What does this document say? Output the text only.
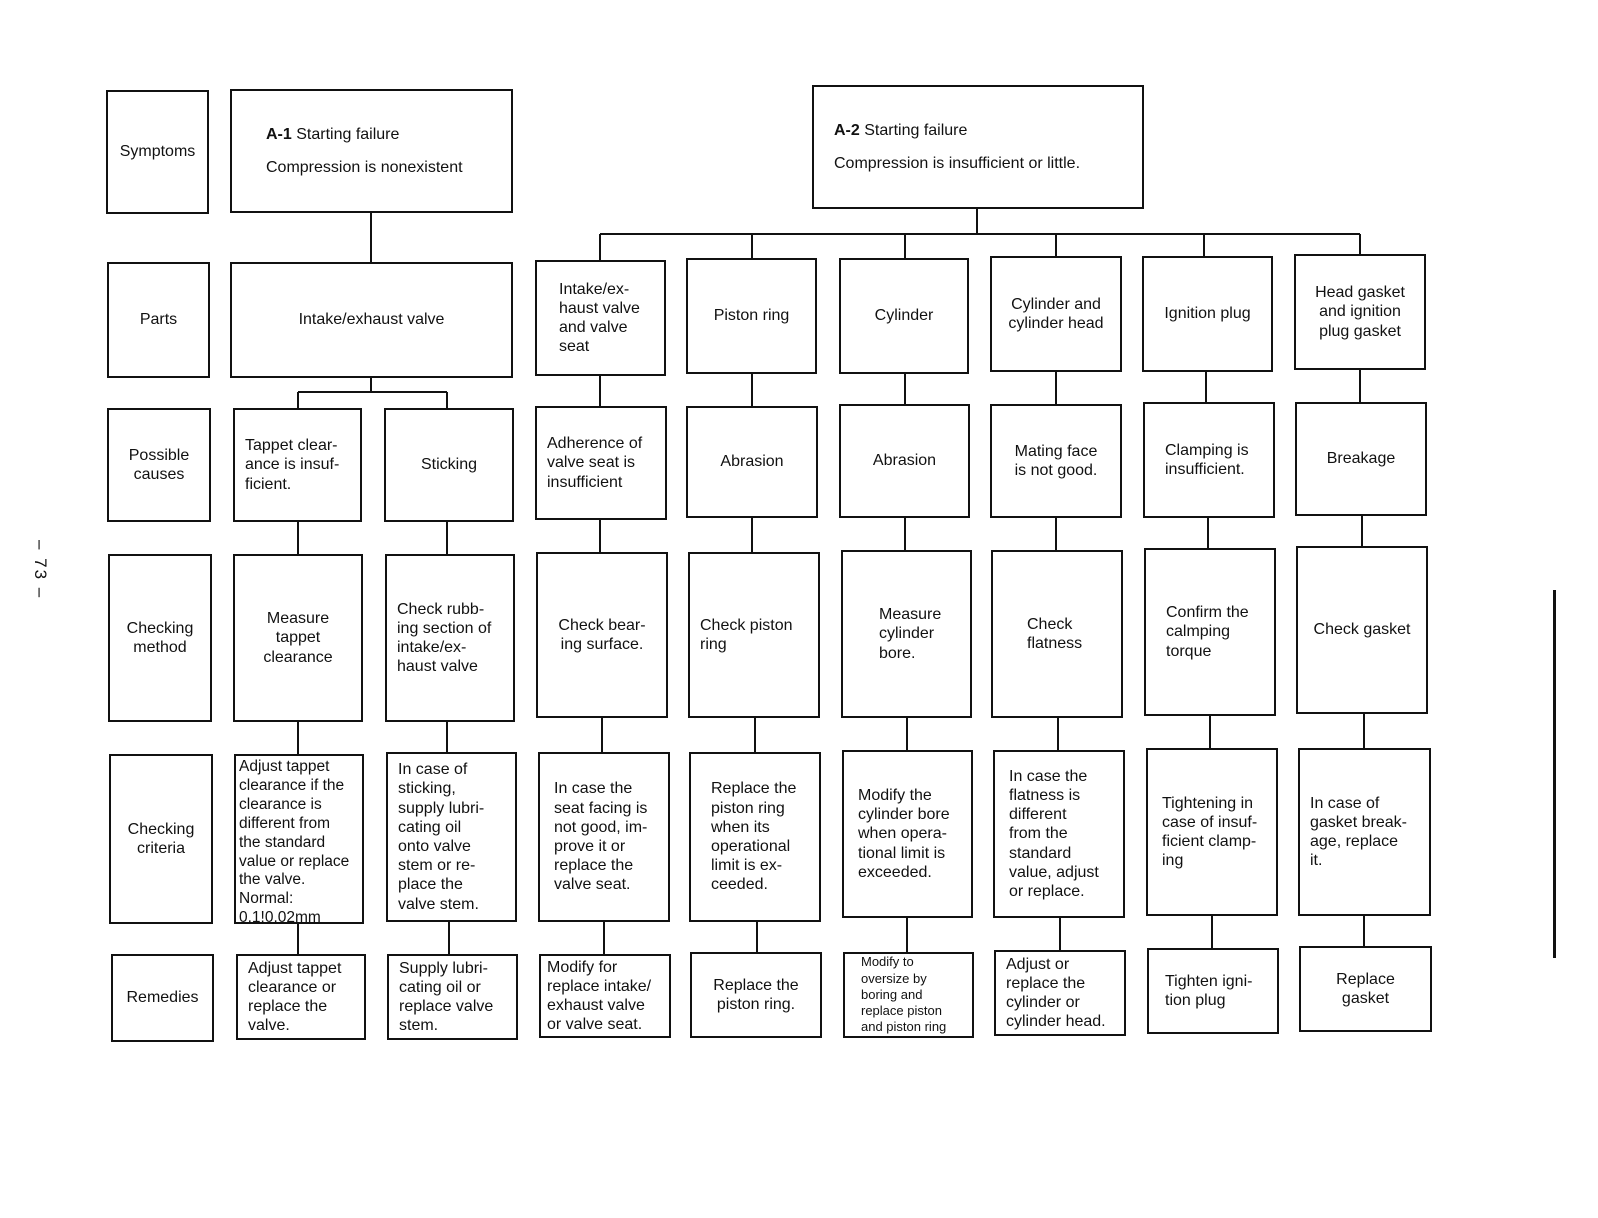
– 73 –
Symptoms
Parts
Possible
causes
Checking
method
Checking
criteria
Remedies
A-1 Starting failure
Compression is nonexistent
A-2 Starting failure
Compression is insufficient or little.
Intake/exhaust valve
Tappet clear-
ance is insuf-
ficient.
Measure
tappet
clearance
Adjust tappet
clearance if the
clearance is
different from
the standard
value or replace
the valve.
Normal:
0.1!0.02mm
Adjust tappet
clearance or
replace the
valve.
Sticking
Check rubb-
ing section of
intake/ex-
haust valve
In case of
sticking,
supply lubri-
cating oil
onto valve
stem or re-
place the
valve stem.
Supply lubri-
cating oil or
replace valve
stem.
Intake/ex-
haust valve
and valve
seat
Adherence of
valve seat is
insufficient
Check bear-
ing surface.
In case the
seat facing is
not good, im-
prove it or
replace the
valve seat.
Modify for
replace intake/
exhaust valve
or valve seat.
Piston ring
Abrasion
Check piston
ring
Replace the
piston ring
when its
operational
limit is ex-
ceeded.
Replace the
piston ring.
Cylinder
Abrasion
Measure
cylinder
bore.
Modify the
cylinder bore
when opera-
tional limit is
exceeded.
Modify to
oversize by
boring and
replace piston
and piston ring
Cylinder and
cylinder head
Mating face
is not good.
Check
flatness
In case the
flatness is
different
from the
standard
value, adjust
or replace.
Adjust or
replace the
cylinder or
cylinder head.
Ignition plug
Clamping is
insufficient.
Confirm the
calmping
torque
Tightening in
case of insuf-
ficient clamp-
ing
Tighten igni-
tion plug
Head gasket
and ignition
plug gasket
Breakage
Check gasket
In case of
gasket break-
age, replace
it.
Replace
gasket
